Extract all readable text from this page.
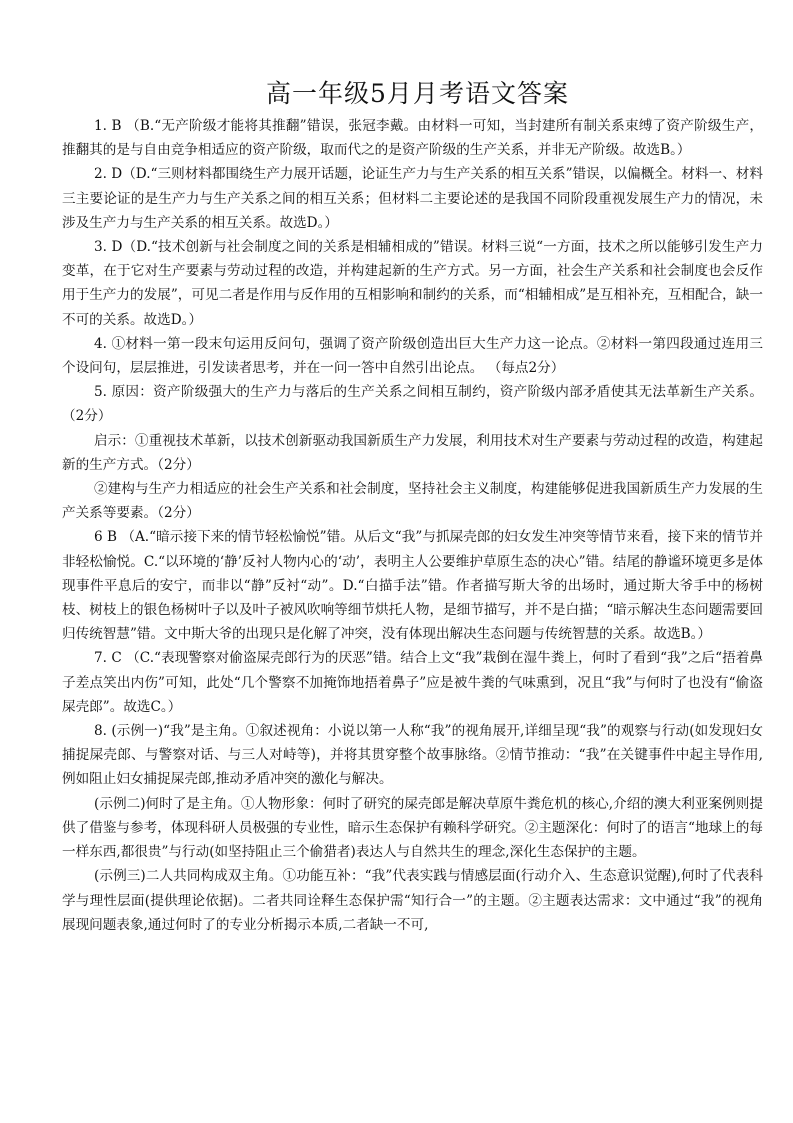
高一年级5月月考语文答案

1. B （B.“无产阶级才能将其推翻”错误，张冠李戴。由材料一可知，当封建所有制关系束缚了资产阶级生产，推翻其的是与自由竞争相适应的资产阶级，取而代之的是资产阶级的生产关系，并非无产阶级。故选B。）

2. D（D.“三则材料都围绕生产力展开话题，论证生产力与生产关系的相互关系”错误，以偏概全。材料一、材料三主要论证的是生产力与生产关系之间的相互关系；但材料二主要论述的是我国不同阶段重视发展生产力的情况，未涉及生产力与生产关系的相互关系。故选D。）

3. D（D.“技术创新与社会制度之间的关系是相辅相成的”错误。材料三说“一方面，技术之所以能够引发生产力变革，在于它对生产要素与劳动过程的改造，并构建起新的生产方式。另一方面，社会生产关系和社会制度也会反作用于生产力的发展”，可见二者是作用与反作用的互相影响和制约的关系，而“相辅相成”是互相补充，互相配合，缺一不可的关系。故选D。）

4. ①材料一第一段末句运用反问句，强调了资产阶级创造出巨大生产力这一论点。②材料一第四段通过连用三个设问句，层层推进，引发读者思考，并在一问一答中自然引出论点。 （每点2分）

5. 原因：资产阶级强大的生产力与落后的生产关系之间相互制约，资产阶级内部矛盾使其无法革新生产关系。（2分）

启示：①重视技术革新，以技术创新驱动我国新质生产力发展，利用技术对生产要素与劳动过程的改造，构建起新的生产方式。（2分）

②建构与生产力相适应的社会生产关系和社会制度，坚持社会主义制度，构建能够促进我国新质生产力发展的生产关系等要素。（2分）

6 B （A.“暗示接下来的情节轻松愉悦”错。从后文“我”与抓屎壳郎的妇女发生冲突等情节来看，接下来的情节并非轻松愉悦。C.“以环境的‘静’反衬人物内心的‘动’，表明主人公要维护草原生态的决心”错。结尾的静谧环境更多是体现事件平息后的安宁，而非以“静”反衬“动”。D.“白描手法”错。作者描写斯大爷的出场时，通过斯大爷手中的杨树枝、树枝上的银色杨树叶子以及叶子被风吹响等细节烘托人物，是细节描写，并不是白描；“暗示解决生态问题需要回归传统智慧”错。文中斯大爷的出现只是化解了冲突，没有体现出解决生态问题与传统智慧的关系。故选B。）

7. C （C.“表现警察对偷盗屎壳郎行为的厌恶”错。结合上文“我”栽倒在湿牛粪上，何时了看到“我”之后“捂着鼻子差点笑出内伤”可知，此处“几个警察不加掩饰地捂着鼻子”应是被牛粪的气味熏到，况且“我”与何时了也没有“偷盗屎壳郎”。故选C。）

8. (示例一)“我”是主角。①叙述视角：小说以第一人称“我”的视角展开,详细呈现“我”的观察与行动(如发现妇女捕捉屎壳郎、与警察对话、与三人对峙等)，并将其贯穿整个故事脉络。②情节推动：“我”在关键事件中起主导作用,例如阻止妇女捕捉屎壳郎,推动矛盾冲突的激化与解决。

(示例二)何时了是主角。①人物形象：何时了研究的屎壳郎是解决草原牛粪危机的核心,介绍的澳大利亚案例则提供了借鉴与参考，体现科研人员极强的专业性，暗示生态保护有赖科学研究。②主题深化：何时了的语言“地球上的每一样东西,都很贵”与行动(如坚持阻止三个偷猎者)表达人与自然共生的理念,深化生态保护的主题。

(示例三)二人共同构成双主角。①功能互补：“我”代表实践与情感层面(行动介入、生态意识觉醒),何时了代表科学与理性层面(提供理论依据)。二者共同诠释生态保护需“知行合一”的主题。②主题表达需求：文中通过“我”的视角展现问题表象,通过何时了的专业分析揭示本质,二者缺一不可,
